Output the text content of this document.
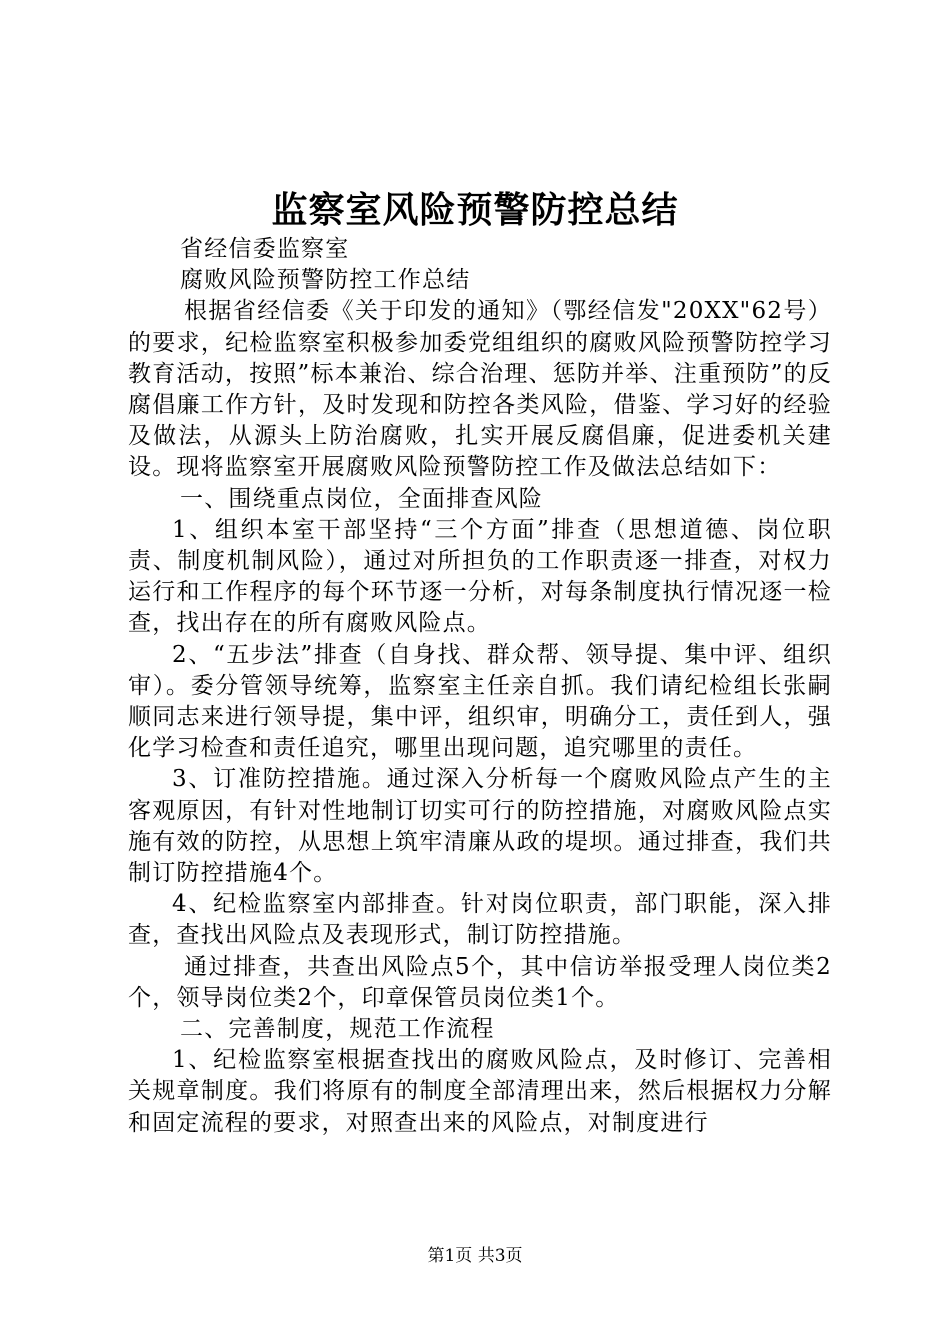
监察室风险预警防控总结

省经信委监察室

腐败风险预警防控工作总结

根据省经信委《关于印发的通知》（鄂经信发"20XX"62号）的要求，纪检监察室积极参加委党组组织的腐败风险预警防控学习教育活动，按照”标本兼治、综合治理、惩防并举、注重预防”的反腐倡廉工作方针，及时发现和防控各类风险，借鉴、学习好的经验及做法，从源头上防治腐败，扎实开展反腐倡廉，促进委机关建设。现将监察室开展腐败风险预警防控工作及做法总结如下：

一、围绕重点岗位，全面排查风险

1、组织本室干部坚持“三个方面”排查（思想道德、岗位职责、制度机制风险），通过对所担负的工作职责逐一排查，对权力运行和工作程序的每个环节逐一分析，对每条制度执行情况逐一检查，找出存在的所有腐败风险点。

2、“五步法”排查（自身找、群众帮、领导提、集中评、组织审）。委分管领导统筹，监察室主任亲自抓。我们请纪检组长张嗣顺同志来进行领导提，集中评，组织审，明确分工，责任到人，强化学习检查和责任追究，哪里出现问题，追究哪里的责任。

3、订准防控措施。通过深入分析每一个腐败风险点产生的主客观原因，有针对性地制订切实可行的防控措施，对腐败风险点实施有效的防控，从思想上筑牢清廉从政的堤坝。通过排查，我们共制订防控措施4个。

4、纪检监察室内部排查。针对岗位职责，部门职能，深入排查，查找出风险点及表现形式，制订防控措施。

通过排查，共查出风险点5个，其中信访举报受理人岗位类2个，领导岗位类2个，印章保管员岗位类1个。

二、完善制度，规范工作流程

1、纪检监察室根据查找出的腐败风险点，及时修订、完善相关规章制度。我们将原有的制度全部清理出来，然后根据权力分解和固定流程的要求，对照查出来的风险点，对制度进行

第1页 共3页
